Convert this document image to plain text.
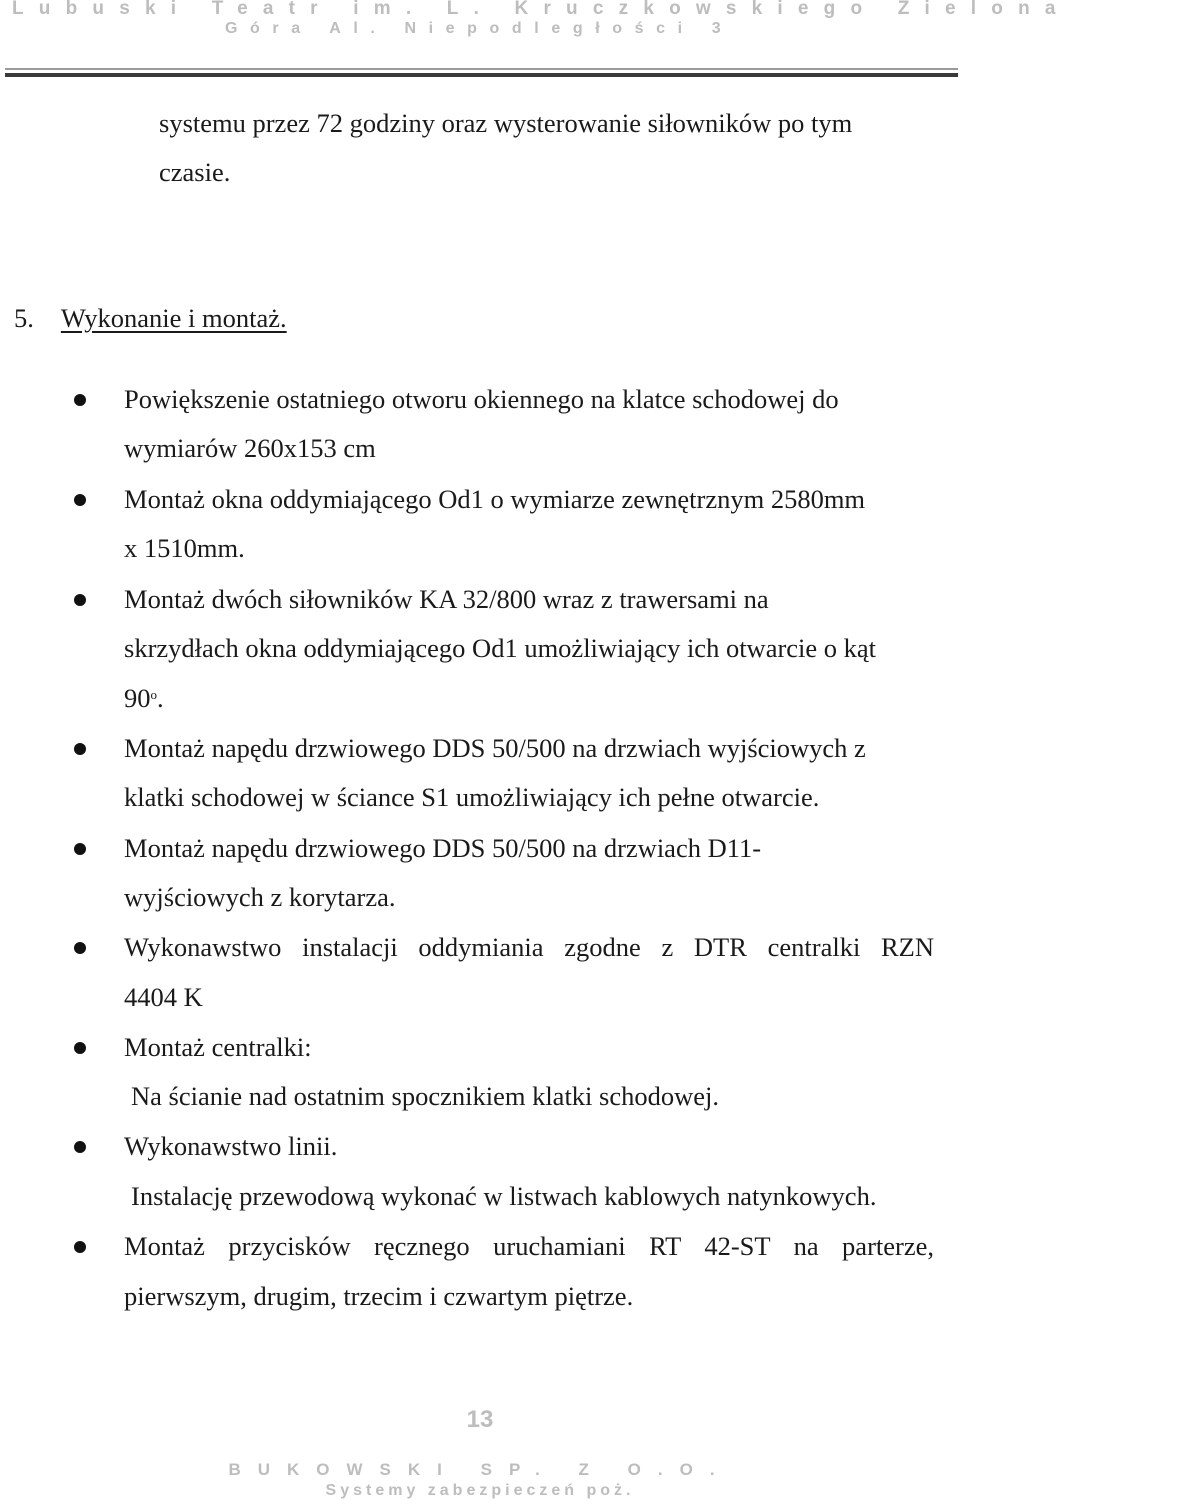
Lubuski Teatr im. L. Kruczkowskiego Zielona
Góra Al. Niepodległości 3
systemu przez 72 godziny oraz wysterowanie siłowników po tym
czasie.
5. Wykonanie i montaż.
Powiększenie ostatniego otworu okiennego na klatce schodowej do
wymiarów 260x153 cm
Montaż okna oddymiającego Od1 o wymiarze zewnętrznym 2580mm
x 1510mm.
Montaż dwóch siłowników KA 32/800 wraz z trawersami na
skrzydłach okna oddymiającego Od1 umożliwiający ich otwarcie o kąt
90$^o$.
Montaż napędu drzwiowego DDS 50/500 na drzwiach wyjściowych z
klatki schodowej w ściance S1 umożliwiający ich pełne otwarcie.
Montaż napędu drzwiowego DDS 50/500 na drzwiach D11-
wyjściowych z korytarza.
Wykonawstwo instalacji oddymiania zgodne z DTR centralki RZN
4404 K
Montaż centralki:
Na ścianie nad ostatnim spocznikiem klatki schodowej.
Wykonawstwo linii.
Instalację przewodową wykonać w listwach kablowych natynkowych.
Montaż przycisków ręcznego uruchamiani RT 42-ST na parterze,
pierwszym, drugim, trzecim i czwartym piętrze.
13
BUKOWSKI SP. Z O.O.
Systemy zabezpieczeń poż.
